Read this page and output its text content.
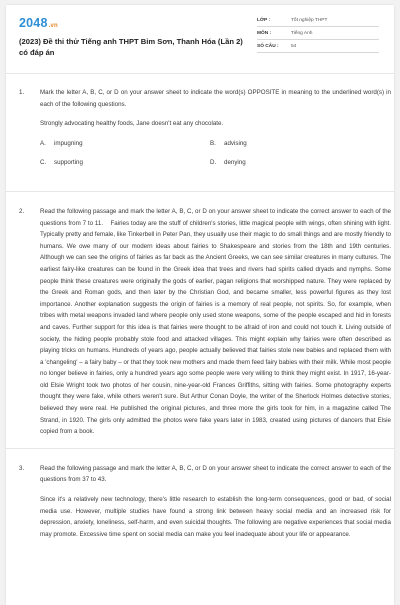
2048.vn
(2023) Đề thi thử Tiếng anh THPT Bỉm Sơn, Thanh Hóa (Lần 2) có đáp án
LỚP :	Tốt nghiệp THPT
MÔN :	Tiếng Anh
SỐ CÂU :	54
1.	Mark the letter A, B, C, or D on your answer sheet to indicate the word(s) OPPOSITE in meaning to the underlined word(s) in each of the following questions.

Strongly advocating healthy foods, Jane doesn't eat any chocolate.

A.	impugning	B.	advising
C.	supporting	D.	denying
2.	Read the following passage and mark the letter A, B, C, or D on your answer sheet to indicate the correct answer to each of the questions from 7 to 11. Fairies today are the stuff of children's stories, little magical people with wings, often shining with light. Typically pretty and female, like Tinkerbell in Peter Pan, they usually use their magic to do small things and are mostly friendly to humans. We owe many of our modern ideas about fairies to Shakespeare and stories from the 18th and 19th centuries. Although we can see the origins of fairies as far back as the Ancient Greeks, we can see similar creatures in many cultures. The earliest fairy-like creatures can be found in the Greek idea that trees and rivers had spirits called dryads and nymphs. Some people think these creatures were originally the gods of earlier, pagan religions that worshipped nature. They were replaced by the Greek and Roman gods, and then later by the Christian God, and became smaller, less powerful figures as they lost importance. Another explanation suggests the origin of fairies is a memory of real people, not spirits. So, for example, when tribes with metal weapons invaded land where people only used stone weapons, some of the people escaped and hid in forests and caves. Further support for this idea is that fairies were thought to be afraid of iron and could not touch it. Living outside of society, the hiding people probably stole food and attacked villages. This might explain why fairies were often described as playing tricks on humans. Hundreds of years ago, people actually believed that fairies stole new babies and replaced them with a 'changeling' – a fairy baby – or that they took new mothers and made them feed fairy babies with their milk. While most people no longer believe in fairies, only a hundred years ago some people were very willing to think they might exist. In 1917, 16-year-old Elsie Wright took two photos of her cousin, nine-year-old Frances Griffiths, sitting with fairies. Some photography experts thought they were fake, while others weren't sure. But Arthur Conan Doyle, the writer of the Sherlock Holmes detective stories, believed they were real. He published the original pictures, and three more the girls took for him, in a magazine called The Strand, in 1920. The girls only admitted the photos were fake years later in 1983, created using pictures of dancers that Elsie copied from a book.

3.	Read the following passage and mark the letter A, B, C, or D on your answer sheet to indicate the correct answer to each of the questions from 37 to 43.

Since it's a relatively new technology, there's little research to establish the long-term consequences, good or bad, of social media use. However, multiple studies have found a strong link between heavy social media and an increased risk for depression, anxiety, loneliness, self-harm, and even suicidal thoughts. The following are negative experiences that social media may promote. Excessive time spent on social media can make you feel inadequate about your life or appearance.
